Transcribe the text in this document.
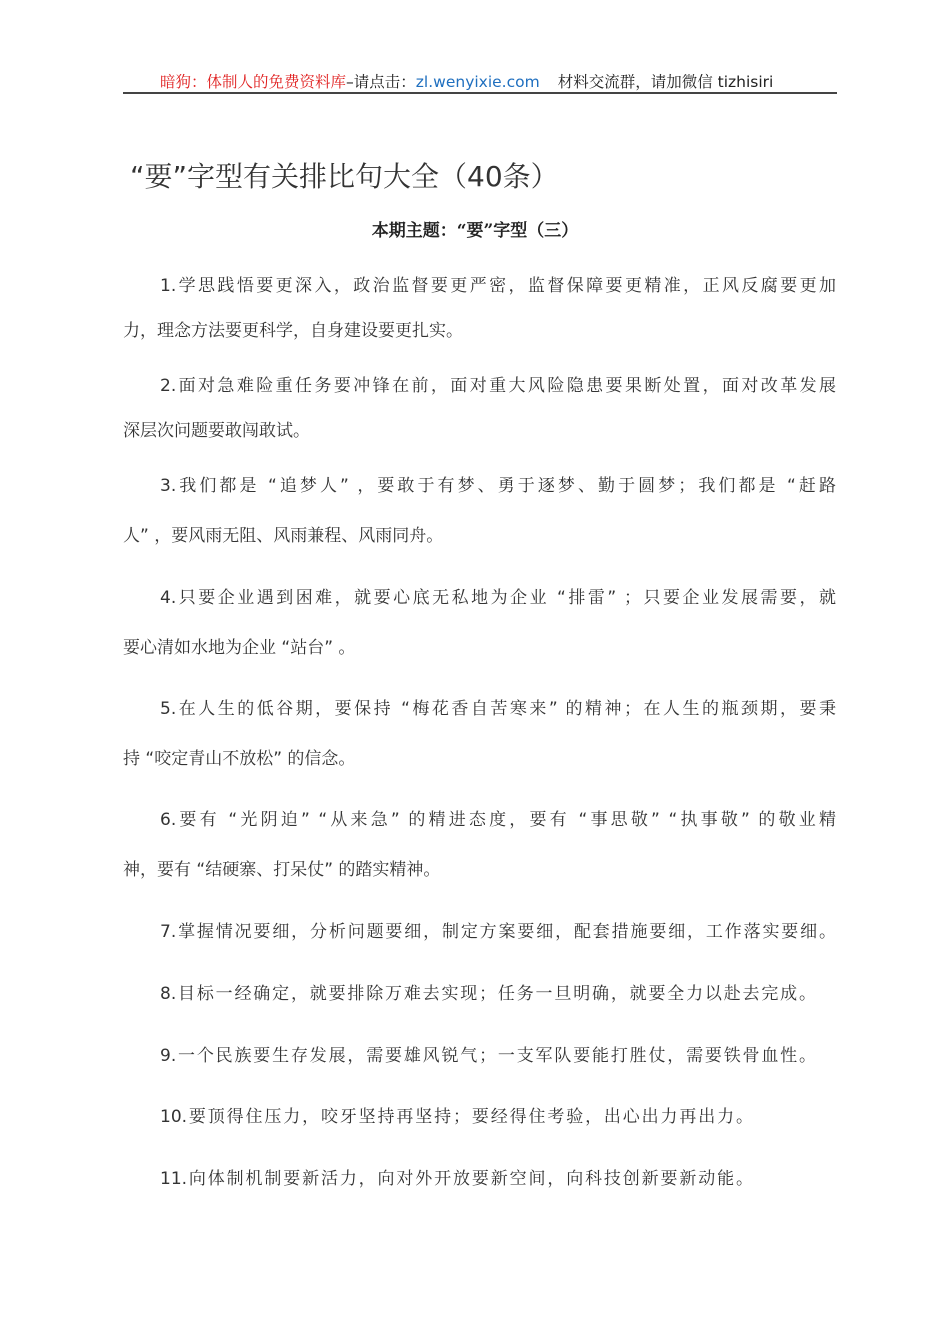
暗狗：体制人的免费资料库–请点击：zl.wenyixie.com 材料交流群，请加微信 tizhisiri
“要”字型有关排比句大全（40条）
本期主题：“要”字型（三）
1.学思践悟要更深入，政治监督要更严密，监督保障要更精准，正风反腐要更加
力，理念方法要更科学，自身建设要更扎实。
2.面对急难险重任务要冲锋在前，面对重大风险隐患要果断处置，面对改革发展
深层次问题要敢闯敢试。
3.我们都是 “追梦人” ，要敢于有梦、勇于逐梦、勤于圆梦；我们都是 “赶路
人” ，要风雨无阻、风雨兼程、风雨同舟。
4.只要企业遇到困难，就要心底无私地为企业 “排雷” ；只要企业发展需要，就
要心清如水地为企业 “站台” 。
5.在人生的低谷期，要保持 “梅花香自苦寒来” 的精神；在人生的瓶颈期，要秉
持 “咬定青山不放松” 的信念。
6.要有 “光阴迫” “从来急” 的精进态度，要有 “事思敬” “执事敬” 的敬业精
神，要有 “结硬寨、打呆仗” 的踏实精神。
7.掌握情况要细，分析问题要细，制定方案要细，配套措施要细，工作落实要细。
8.目标一经确定，就要排除万难去实现；任务一旦明确，就要全力以赴去完成。
9.一个民族要生存发展，需要雄风锐气；一支军队要能打胜仗，需要铁骨血性。
10.要顶得住压力，咬牙坚持再坚持；要经得住考验，出心出力再出力。
11.向体制机制要新活力，向对外开放要新空间，向科技创新要新动能。
